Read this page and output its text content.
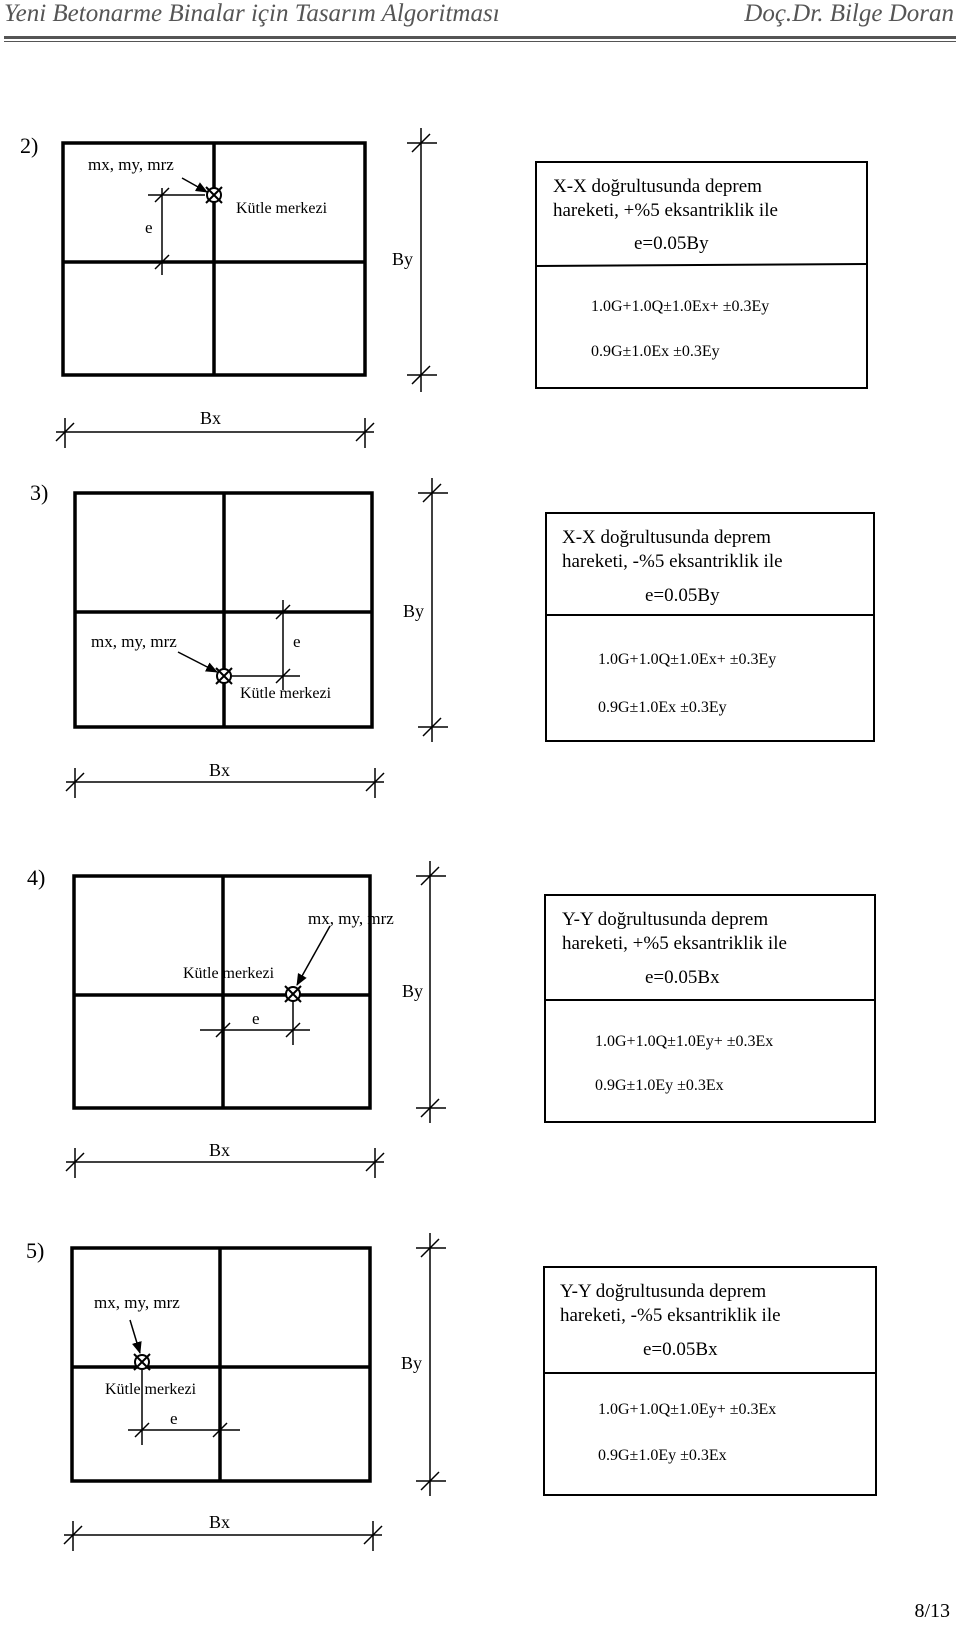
Yeni Betonarme Binalar için Tasarım Algoritması	Doç.Dr. Bilge Doran
2)
mx, my, mrz
Kütle merkezi
e
By
Bx
X-X doğrultusunda deprem
hareketi, +%5 eksantriklik ile
e=0.05By
1.0G+1.0Q±1.0Ex+ ±0.3Ey
0.9G±1.0Ex ±0.3Ey
3)
mx, my, mrz
Kütle merkezi
e
By
Bx
X-X doğrultusunda deprem
hareketi, -%5 eksantriklik ile
e=0.05By
1.0G+1.0Q±1.0Ex+ ±0.3Ey
0.9G±1.0Ex ±0.3Ey
4)
mx, my, mrz
Kütle merkezi
e
By
Bx
Y-Y doğrultusunda deprem
hareketi, +%5 eksantriklik ile
e=0.05Bx
1.0G+1.0Q±1.0Ey+ ±0.3Ex
0.9G±1.0Ey ±0.3Ex
5)
mx, my, mrz
Kütle merkezi
e
By
Bx
Y-Y doğrultusunda deprem
hareketi, -%5 eksantriklik ile
e=0.05Bx
1.0G+1.0Q±1.0Ey+ ±0.3Ex
0.9G±1.0Ey ±0.3Ex
8/13
